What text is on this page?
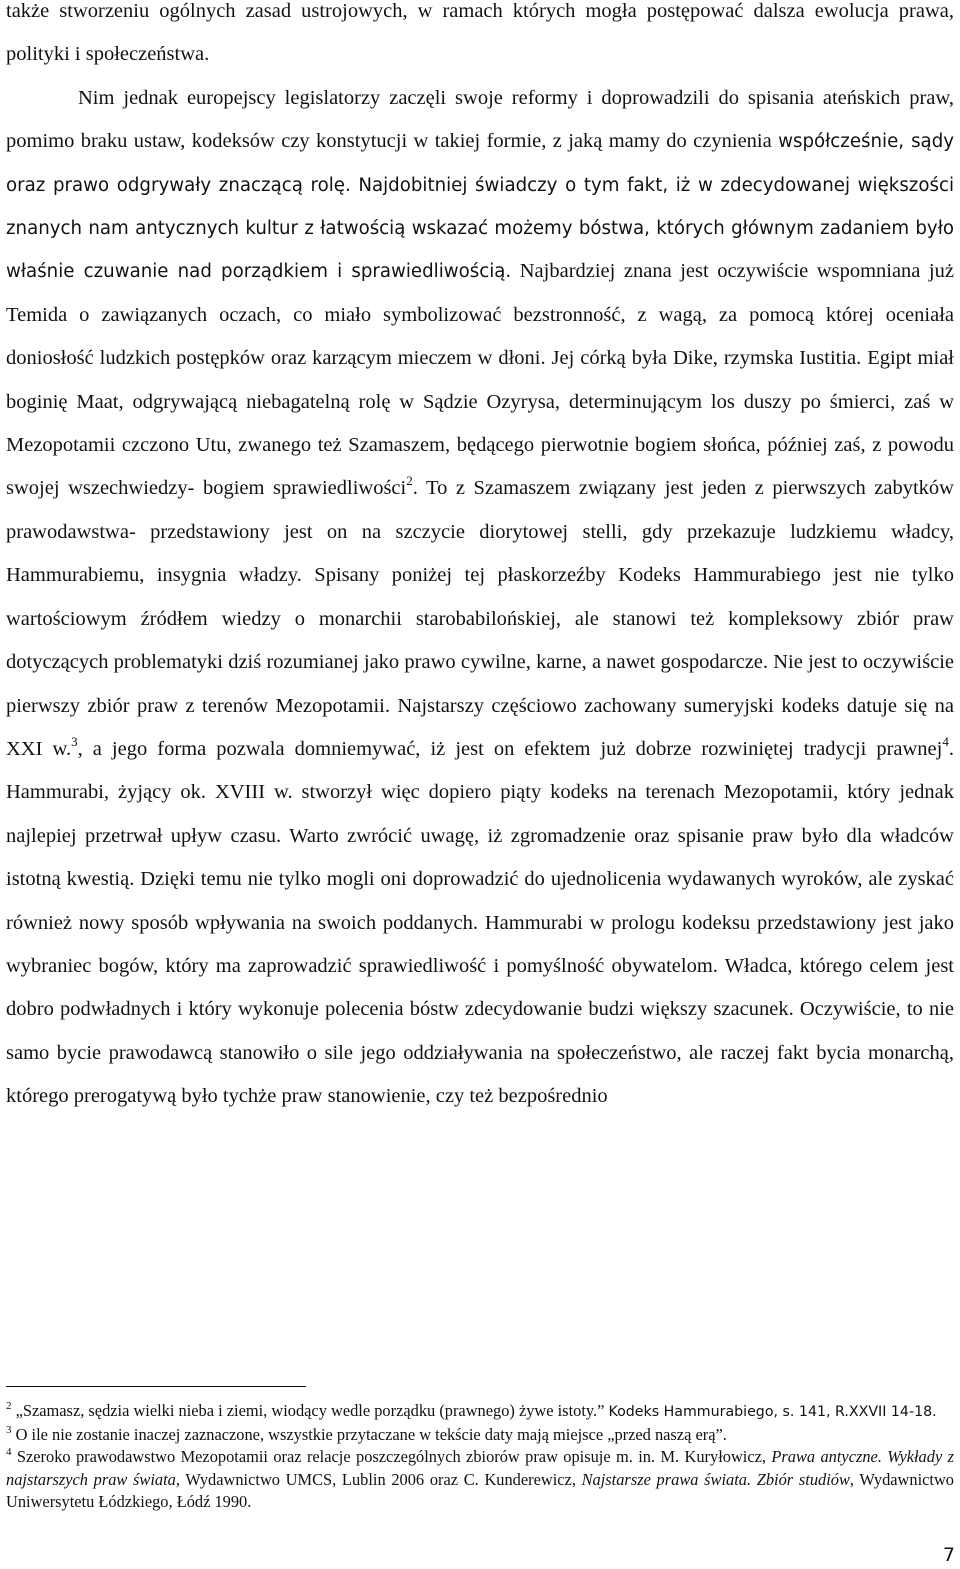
także stworzeniu ogólnych zasad ustrojowych, w ramach których mogła postępować dalsza ewolucja prawa, polityki i społeczeństwa.

Nim jednak europejscy legislatorzy zaczęli swoje reformy i doprowadzili do spisania ateńskich praw, pomimo braku ustaw, kodeksów czy konstytucji w takiej formie, z jaką mamy do czynienia współcześnie, sądy oraz prawo odgrywały znaczącą rolę. Najdobitniej świadczy o tym fakt, iż w zdecydowanej większości znanych nam antycznych kultur z łatwością wskazać możemy bóstwa, których głównym zadaniem było właśnie czuwanie nad porządkiem i sprawiedliwością. Najbardziej znana jest oczywiście wspomniana już Temida o zawiązanych oczach, co miało symbolizować bezstronność, z wagą, za pomocą której oceniała doniosłość ludzkich postępków oraz karzącym mieczem w dłoni. Jej córką była Dike, rzymska Iustitia. Egipt miał boginię Maat, odgrywającą niebagatelną rolę w Sądzie Ozyrysa, determinującym los duszy po śmierci, zaś w Mezopotamii czczono Utu, zwanego też Szamaszem, będącego pierwotnie bogiem słońca, później zaś, z powodu swojej wszechwiedzy- bogiem sprawiedliwości$^2$. To z Szamaszem związany jest jeden z pierwszych zabytków prawodawstwa- przedstawiony jest on na szczycie diorytowej stelli, gdy przekazuje ludzkiemu władcy, Hammurabiemu, insygnia władzy. Spisany poniżej tej płaskorzeźby Kodeks Hammurabiego jest nie tylko wartościowym źródłem wiedzy o monarchii starobabilońskiej, ale stanowi też kompleksowy zbiór praw dotyczących problematyki dziś rozumianej jako prawo cywilne, karne, a nawet gospodarcze. Nie jest to oczywiście pierwszy zbiór praw z terenów Mezopotamii. Najstarszy częściowo zachowany sumeryjski kodeks datuje się na XXI w.$^3$, a jego forma pozwala domniemywać, iż jest on efektem już dobrze rozwiniętej tradycji prawnej$^4$. Hammurabi, żyjący ok. XVIII w. stworzył więc dopiero piąty kodeks na terenach Mezopotamii, który jednak najlepiej przetrwał upływ czasu. Warto zwrócić uwagę, iż zgromadzenie oraz spisanie praw było dla władców istotną kwestią. Dzięki temu nie tylko mogli oni doprowadzić do ujednolicenia wydawanych wyroków, ale zyskać również nowy sposób wpływania na swoich poddanych. Hammurabi w prologu kodeksu przedstawiony jest jako wybraniec bogów, który ma zaprowadzić sprawiedliwość i pomyślność obywatelom. Władca, którego celem jest dobro podwładnych i który wykonuje polecenia bóstw zdecydowanie budzi większy szacunek. Oczywiście, to nie samo bycie prawodawcą stanowiło o sile jego oddziaływania na społeczeństwo, ale raczej fakt bycia monarchą, którego prerogatywą było tychże praw stanowienie, czy też bezpośrednio

$^2$ „Szamasz, sędzia wielki nieba i ziemi, wiodący wedle porządku (prawnego) żywe istoty.” Kodeks Hammurabiego, s. 141, R.XXVII 14-18.

$^3$ O ile nie zostanie inaczej zaznaczone, wszystkie przytaczane w tekście daty mają miejsce „przed naszą erą”.

$^4$ Szeroko prawodawstwo Mezopotamii oraz relacje poszczególnych zbiorów praw opisuje m. in. M. Kuryłowicz, Prawa antyczne. Wykłady z najstarszych praw świata, Wydawnictwo UMCS, Lublin 2006 oraz C. Kunderewicz, Najstarsze prawa świata. Zbiór studiów, Wydawnictwo Uniwersytetu Łódzkiego, Łódź 1990.

7
